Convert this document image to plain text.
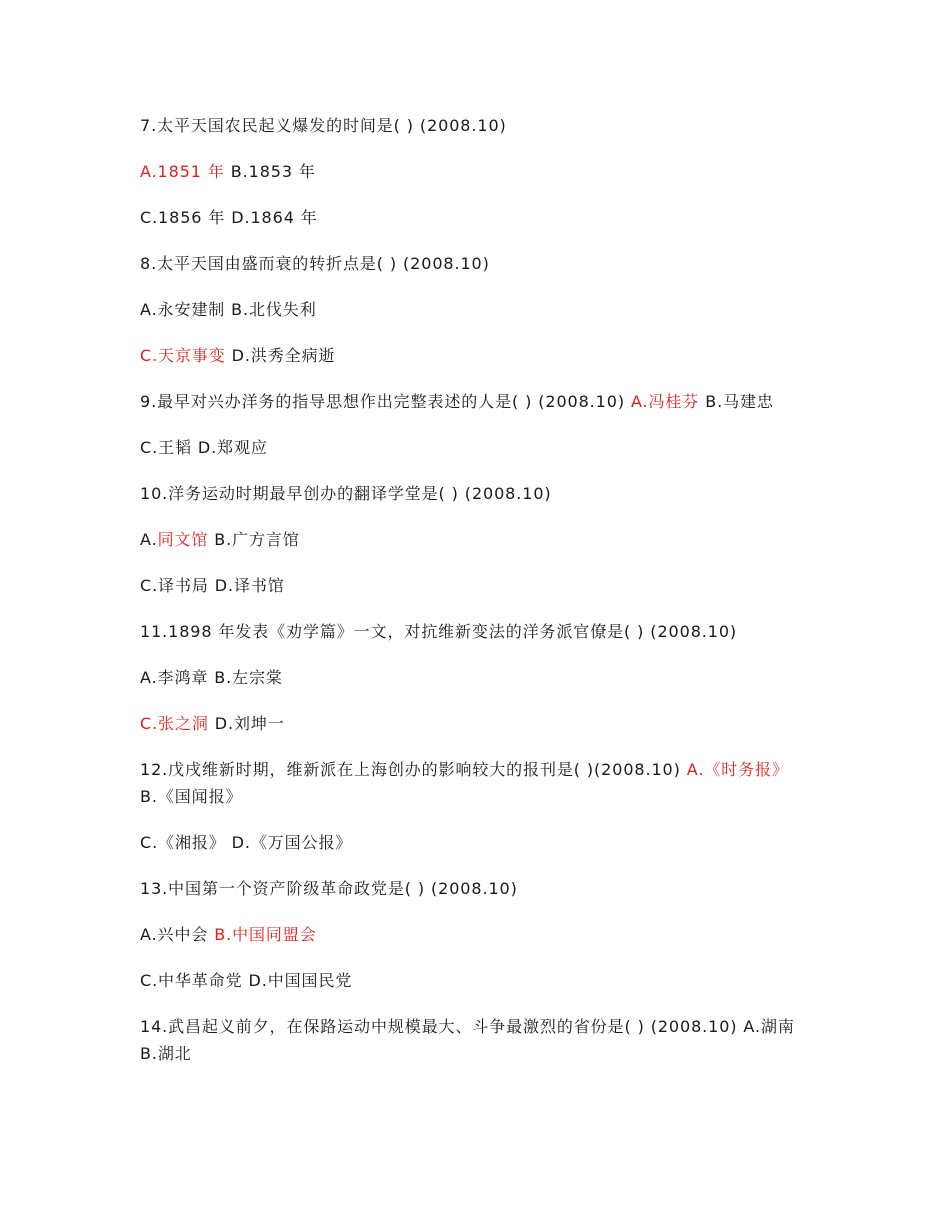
7.太平天国农民起义爆发的时间是( ) (2008.10)
A.1851 年 B.1853 年
C.1856 年 D.1864 年
8.太平天国由盛而衰的转折点是( ) (2008.10)
A.永安建制 B.北伐失利
C.天京事变 D.洪秀全病逝
9.最早对兴办洋务的指导思想作出完整表述的人是( ) (2008.10) A.冯桂芬 B.马建忠
C.王韬 D.郑观应
10.洋务运动时期最早创办的翻译学堂是( ) (2008.10)
A.同文馆 B.广方言馆
C.译书局 D.译书馆
11.1898 年发表《劝学篇》一文，对抗维新变法的洋务派官僚是( ) (2008.10)
A.李鸿章 B.左宗棠
C.张之洞 D.刘坤一
12.戊戌维新时期，维新派在上海创办的影响较大的报刊是( )(2008.10) A.《时务报》 B.《国闻报》
C.《湘报》 D.《万国公报》
13.中国第一个资产阶级革命政党是( ) (2008.10)
A.兴中会 B.中国同盟会
C.中华革命党 D.中国国民党
14.武昌起义前夕，在保路运动中规模最大、斗争最激烈的省份是( ) (2008.10) A.湖南 B.湖北
